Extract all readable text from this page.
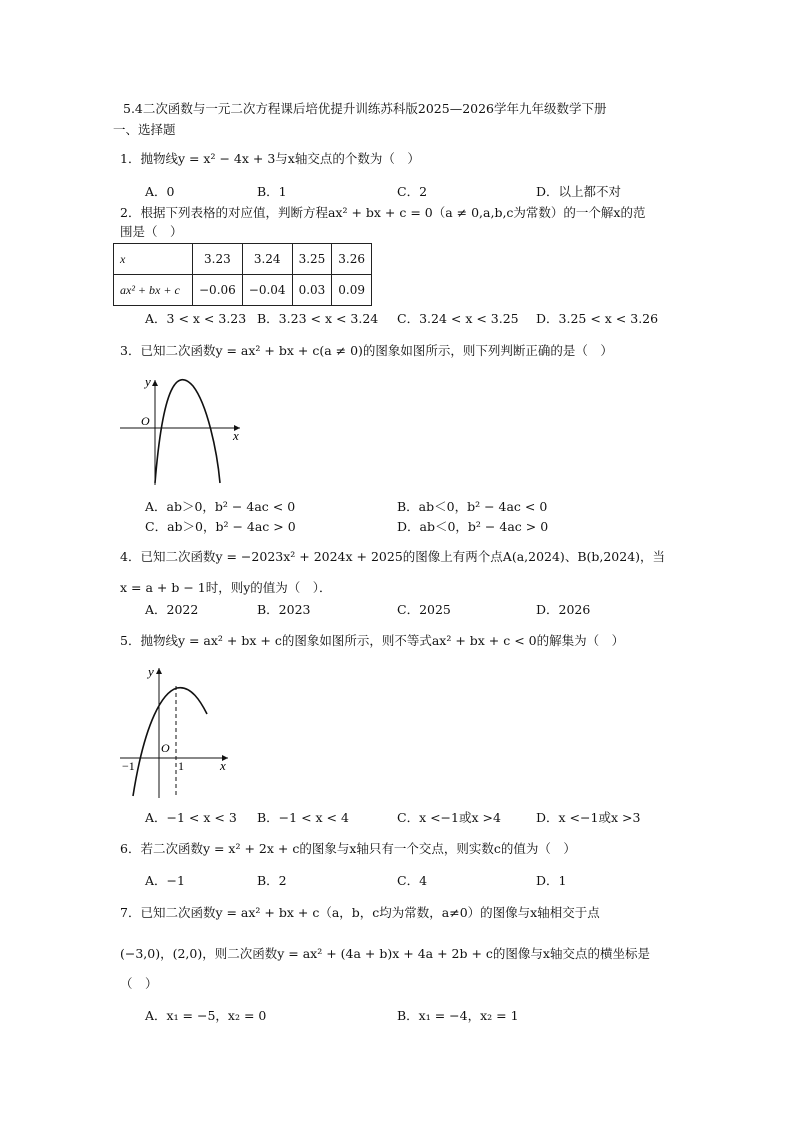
5.4二次函数与一元二次方程课后培优提升训练苏科版2025—2026学年九年级数学下册
一、选择题
1．抛物线y = x² − 4x + 3与x轴交点的个数为（　）
A．0	B．1	C．2	D．以上都不对
2．根据下列表格的对应值，判断方程ax² + bx + c = 0（a ≠ 0,a,b,c为常数）的一个解x的范
围是（　）
x	3.23	3.24	3.25	3.26
ax² + bx + c	−0.06	−0.04	0.03	0.09
A．3 < x < 3.23 B．3.23 < x < 3.24 C．3.24 < x < 3.25 D．3.25 < x < 3.26
3．已知二次函数y = ax² + bx + c(a ≠ 0)的图象如图所示，则下列判断正确的是（　）
y
x
O
A．ab＞0，b² − 4ac < 0	B．ab＜0，b² − 4ac < 0
C．ab＞0，b² − 4ac > 0	D．ab＜0，b² − 4ac > 0
4．已知二次函数y = −2023x² + 2024x + 2025的图像上有两个点A(a,2024)、B(b,2024)，当
x = a + b − 1时，则y的值为（　）．
A．2022	B．2023	C．2025	D．2026
5．抛物线y = ax² + bx + c的图象如图所示，则不等式ax² + bx + c < 0的解集为（　）
y
x
O
−1	1
A．−1 < x < 3 B．−1 < x < 4	C．x <−1或x >4	D．x <−1或x >3
6．若二次函数y = x² + 2x + c的图象与x轴只有一个交点，则实数c的值为（　）
A．−1	B．2	C．4	D．1
7．已知二次函数y = ax² + bx + c（a，b，c均为常数，a≠0）的图像与x轴相交于点
(−3,0)，(2,0)，则二次函数y = ax² + (4a + b)x + 4a + 2b + c的图像与x轴交点的横坐标是
（　）
A．x₁ = −5，x₂ = 0	B．x₁ = −4，x₂ = 1
